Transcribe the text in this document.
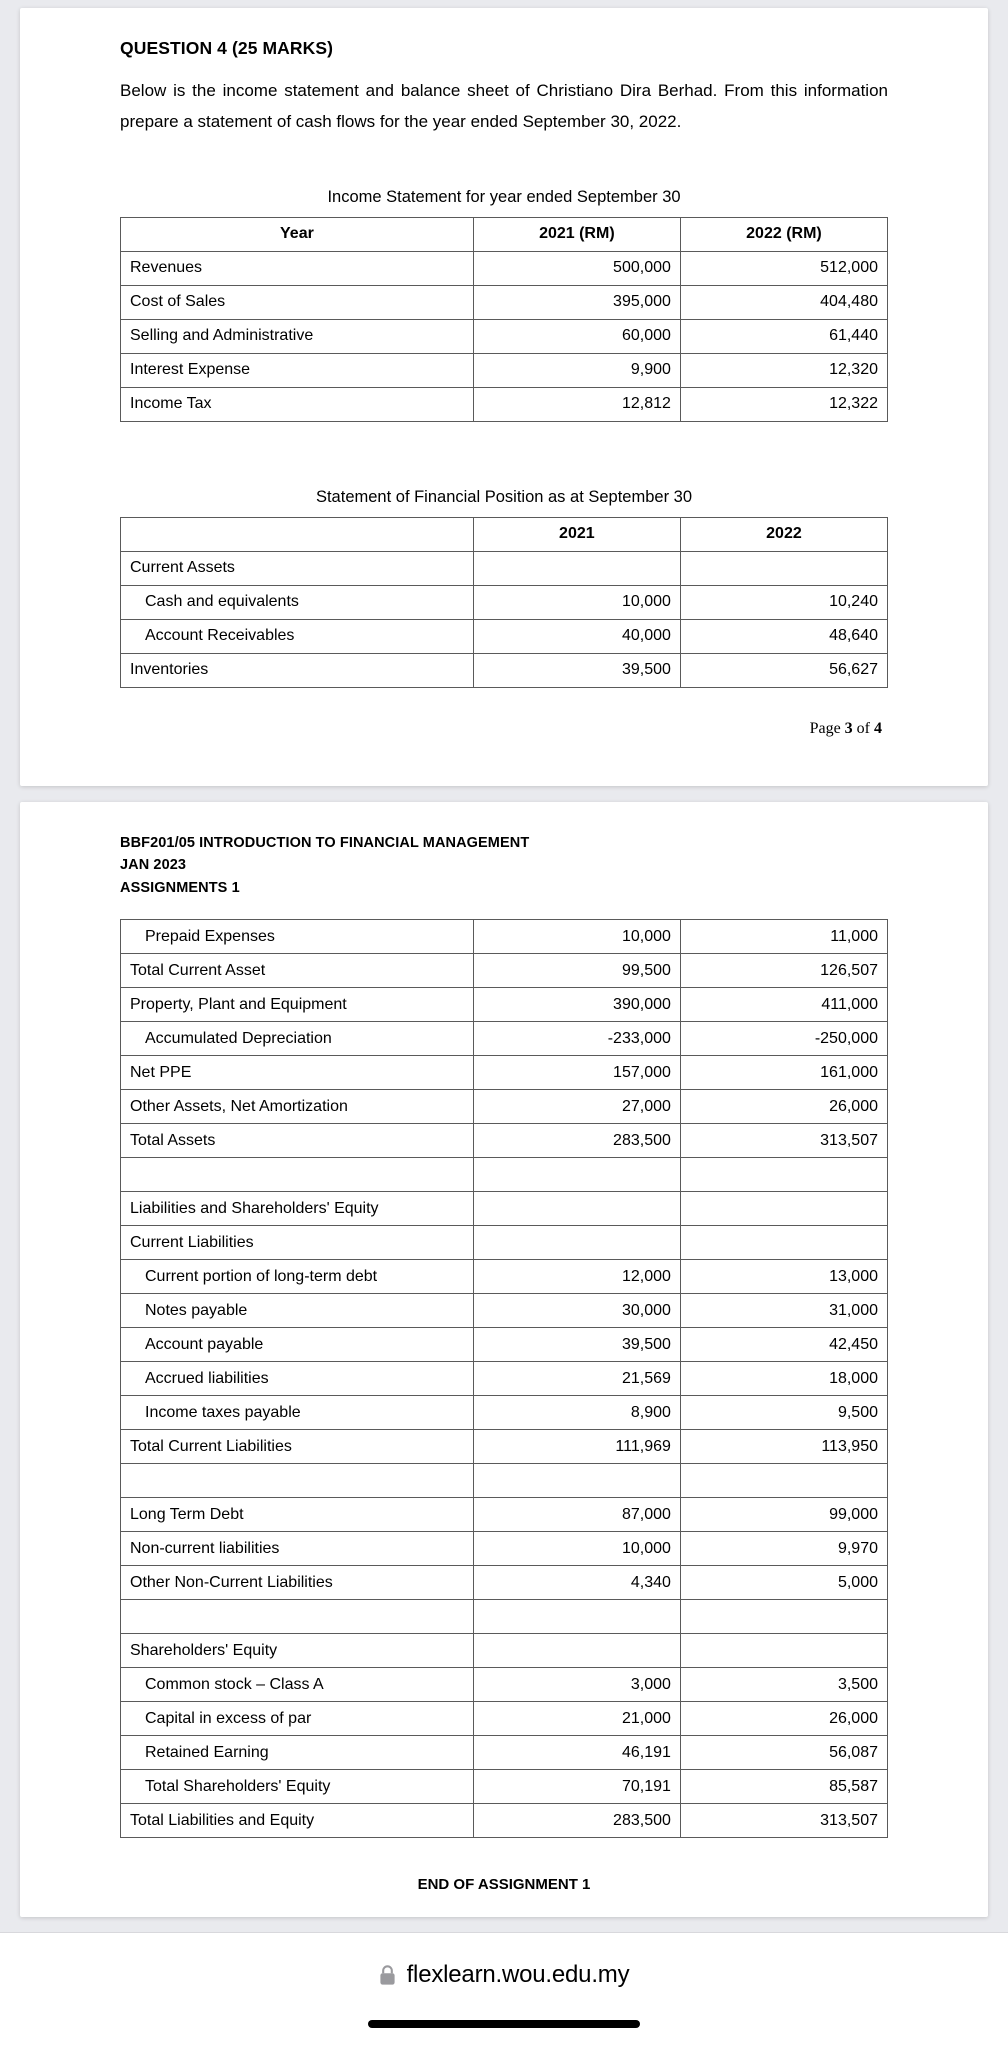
QUESTION 4 (25 MARKS)
Below is the income statement and balance sheet of Christiano Dira Berhad. From this information prepare a statement of cash flows for the year ended September 30, 2022.
Income Statement for year ended September 30
Year	2021 (RM)	2022 (RM)
Revenues	500,000	512,000
Cost of Sales	395,000	404,480
Selling and Administrative	60,000	61,440
Interest Expense	9,900	12,320
Income Tax	12,812	12,322
Statement of Financial Position as at September 30
	2021	2022
Current Assets		
Cash and equivalents	10,000	10,240
Account Receivables	40,000	48,640
Inventories	39,500	56,627
Page 3 of 4
BBF201/05 INTRODUCTION TO FINANCIAL MANAGEMENT
JAN 2023
ASSIGNMENTS 1
Prepaid Expenses	10,000	11,000
Total Current Asset	99,500	126,507
Property, Plant and Equipment	390,000	411,000
Accumulated Depreciation	-233,000	-250,000
Net PPE	157,000	161,000
Other Assets, Net Amortization	27,000	26,000
Total Assets	283,500	313,507

Liabilities and Shareholders' Equity		
Current Liabilities		
Current portion of long-term debt	12,000	13,000
Notes payable	30,000	31,000
Account payable	39,500	42,450
Accrued liabilities	21,569	18,000
Income taxes payable	8,900	9,500
Total Current Liabilities	111,969	113,950

Long Term Debt	87,000	99,000
Non-current liabilities	10,000	9,970
Other Non-Current Liabilities	4,340	5,000

Shareholders' Equity		
Common stock – Class A	3,000	3,500
Capital in excess of par	21,000	26,000
Retained Earning	46,191	56,087
Total Shareholders' Equity	70,191	85,587
Total Liabilities and Equity	283,500	313,507
END OF ASSIGNMENT 1
flexlearn.wou.edu.my
